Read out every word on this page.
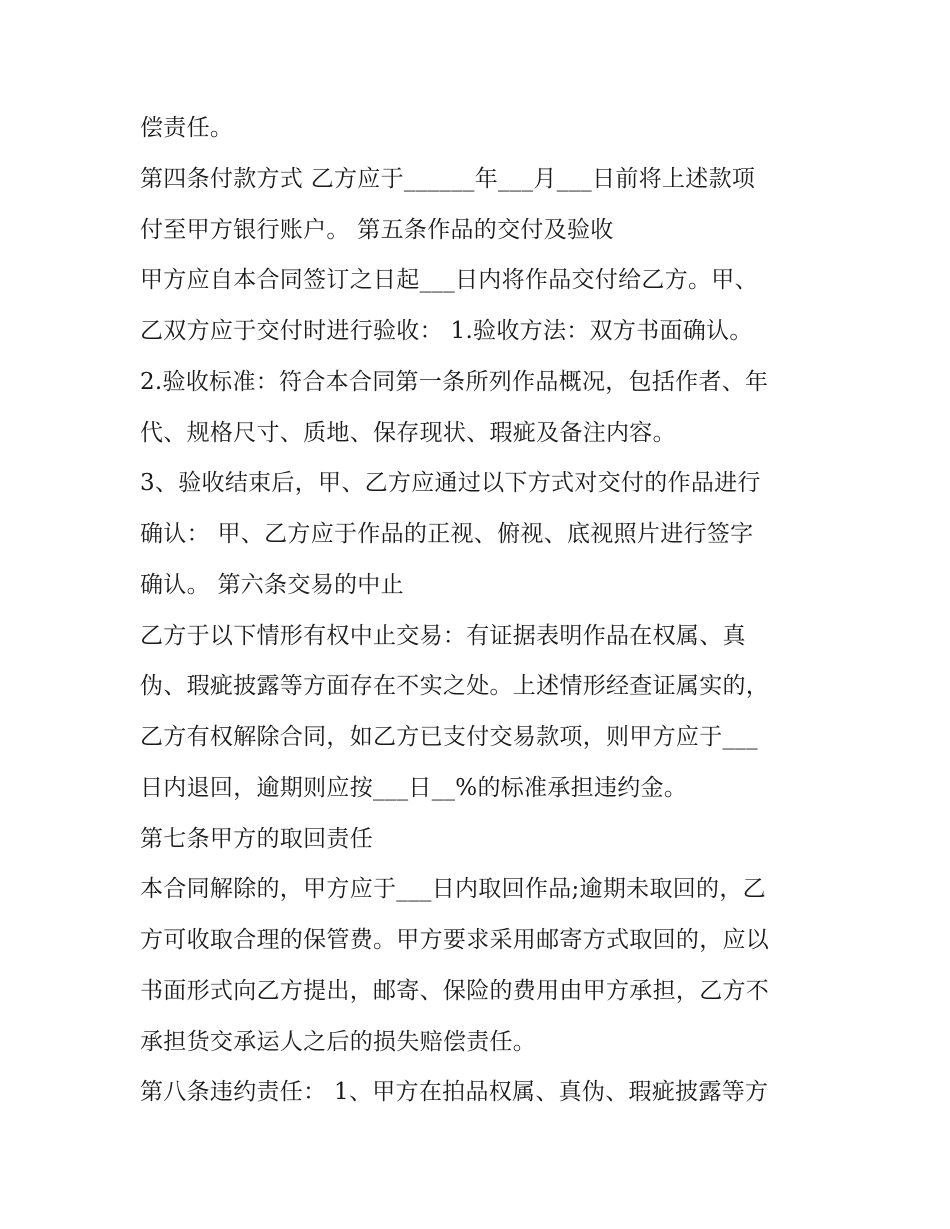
偿责任。
第四条付款方式 乙方应于______年___月___日前将上述款项
付至甲方银行账户。 第五条作品的交付及验收
甲方应自本合同签订之日起___日内将作品交付给乙方。甲、
乙双方应于交付时进行验收： 1.验收方法：双方书面确认。
2.验收标准：符合本合同第一条所列作品概况，包括作者、年
代、规格尺寸、质地、保存现状、瑕疵及备注内容。
3、验收结束后，甲、乙方应通过以下方式对交付的作品进行
确认： 甲、乙方应于作品的正视、俯视、底视照片进行签字
确认。 第六条交易的中止
乙方于以下情形有权中止交易：有证据表明作品在权属、真
伪、瑕疵披露等方面存在不实之处。上述情形经查证属实的，
乙方有权解除合同，如乙方已支付交易款项，则甲方应于___
日内退回，逾期则应按___日__%的标准承担违约金。
第七条甲方的取回责任
本合同解除的，甲方应于___日内取回作品;逾期未取回的，乙
方可收取合理的保管费。甲方要求采用邮寄方式取回的，应以
书面形式向乙方提出，邮寄、保险的费用由甲方承担，乙方不
承担货交承运人之后的损失赔偿责任。
第八条违约责任： 1、甲方在拍品权属、真伪、瑕疵披露等方
